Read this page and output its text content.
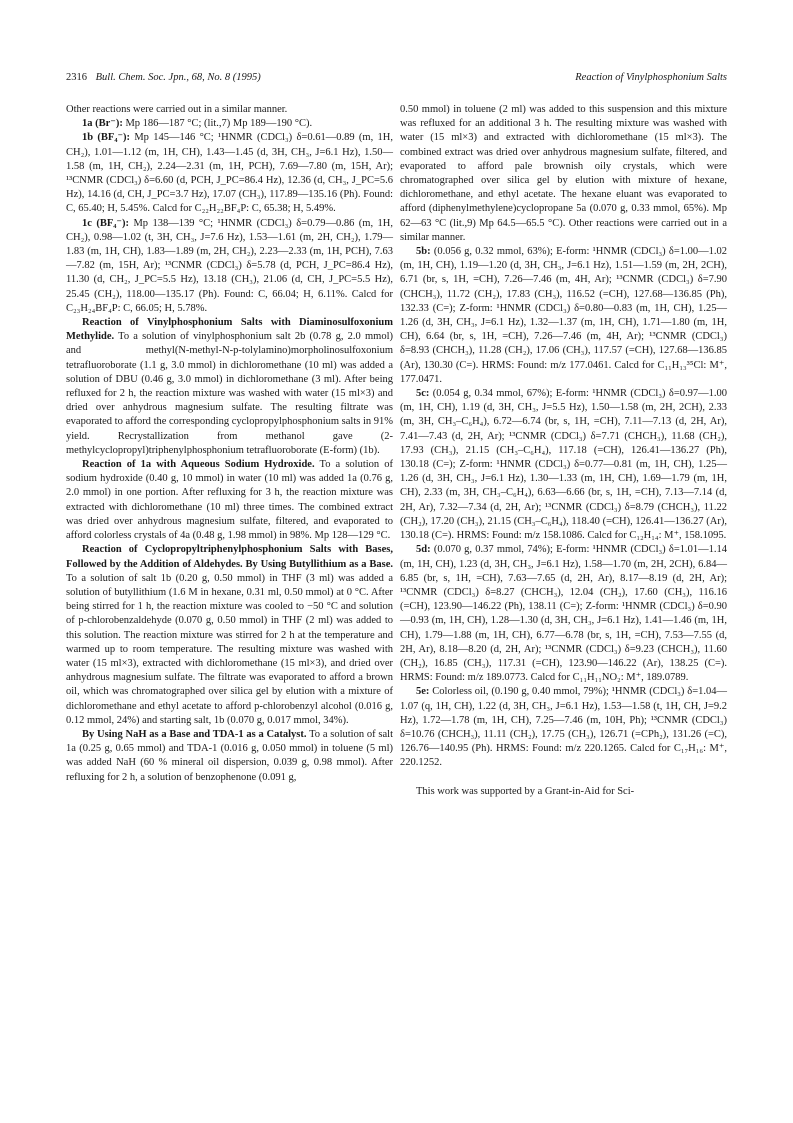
2316 Bull. Chem. Soc. Jpn., 68, No. 8 (1995)	Reaction of Vinylphosphonium Salts

Other reactions were carried out in a similar manner.

1a (Br⁻): Mp 186—187 °C; (lit.,7) Mp 189—190 °C).

1b (BF₄⁻): Mp 145—146 °C; ¹HNMR (CDCl₃) δ=0.61—0.89 (m, 1H, CH₂), 1.01—1.12 (m, 1H, CH), 1.43—1.45 (d, 3H, CH₃, J=6.1 Hz), 1.50—1.58 (m, 1H, CH₂), 2.24—2.31 (m, 1H, PCH), 7.69—7.80 (m, 15H, Ar); ¹³CNMR (CDCl₃) δ=6.60 (d, PCH, J_PC=86.4 Hz), 12.36 (d, CH₃, J_PC=5.6 Hz), 14.16 (d, CH, J_PC=3.7 Hz), 17.07 (CH₃), 117.89—135.16 (Ph). Found: C, 65.40; H, 5.45%. Calcd for C₂₂H₂₂BF₄P: C, 65.38; H, 5.49%.

1c (BF₄⁻): Mp 138—139 °C; ¹HNMR (CDCl₃) δ=0.79—0.86 (m, 1H, CH₂), 0.98—1.02 (t, 3H, CH₃, J=7.6 Hz), 1.53—1.61 (m, 2H, CH₂), 1.79—1.83 (m, 1H, CH), 1.83—1.89 (m, 2H, CH₂), 2.23—2.33 (m, 1H, PCH), 7.63—7.82 (m, 15H, Ar); ¹³CNMR (CDCl₃) δ=5.78 (d, PCH, J_PC=86.4 Hz), 11.30 (d, CH₂, J_PC=5.5 Hz), 13.18 (CH₃), 21.06 (d, CH, J_PC=5.5 Hz), 25.45 (CH₂), 118.00—135.17 (Ph). Found: C, 66.04; H, 6.11%. Calcd for C₂₃H₂₄BF₄P: C, 66.05; H, 5.78%.

Reaction of Vinylphosphonium Salts with Diaminosulfoxonium Methylide. To a solution of vinylphosphonium salt 2b (0.78 g, 2.0 mmol) and methyl(N-methyl-N-p-tolylamino)morpholinosulfoxonium tetrafluoroborate (1.1 g, 3.0 mmol) in dichloromethane (10 ml) was added a solution of DBU (0.46 g, 3.0 mmol) in dichloromethane (3 ml). After being refluxed for 2 h, the reaction mixture was washed with water (15 ml×3) and dried over anhydrous magnesium sulfate. The resulting filtrate was evaporated to afford the corresponding cyclopropylphosphonium salts in 91% yield. Recrystallization from methanol gave (2-methylcyclopropyl)triphenylphosphonium tetrafluoroborate (E-form) (1b).

Reaction of 1a with Aqueous Sodium Hydroxide. To a solution of sodium hydroxide (0.40 g, 10 mmol) in water (10 ml) was added 1a (0.76 g, 2.0 mmol) in one portion. After refluxing for 3 h, the reaction mixture was extracted with dichloromethane (10 ml) three times. The combined extract was dried over anhydrous magnesium sulfate, filtered, and evaporated to afford colorless crystals of 4a (0.48 g, 1.98 mmol) in 98%. Mp 128—129 °C.

Reaction of Cyclopropyltriphenylphosphonium Salts with Bases, Followed by the Addition of Aldehydes. By Using Butyllithium as a Base. To a solution of salt 1b (0.20 g, 0.50 mmol) in THF (3 ml) was added a solution of butyllithium (1.6 M in hexane, 0.31 ml, 0.50 mmol) at 0 °C. After being stirred for 1 h, the reaction mixture was cooled to −50 °C and solution of p-chlorobenzaldehyde (0.070 g, 0.50 mmol) in THF (2 ml) was added to this solution. The reaction mixture was stirred for 2 h at the temperature and warmed up to room temperature. The resulting mixture was washed with water (15 ml×3), extracted with dichloromethane (15 ml×3), and dried over anhydrous magnesium sulfate. The filtrate was evaporated to afford a brown oil, which was chromatographed over silica gel by elution with a mixture of dichloromethane and ethyl acetate to afford p-chlorobenzyl alcohol (0.016 g, 0.12 mmol, 24%) and starting salt, 1b (0.070 g, 0.017 mmol, 34%).

By Using NaH as a Base and TDA-1 as a Catalyst. To a solution of salt 1a (0.25 g, 0.65 mmol) and TDA-1 (0.016 g, 0.050 mmol) in toluene (5 ml) was added NaH (60 % mineral oil dispersion, 0.039 g, 0.98 mmol). After refluxing for 2 h, a solution of benzophenone (0.091 g,

0.50 mmol) in toluene (2 ml) was added to this suspension and this mixture was refluxed for an additional 3 h. The resulting mixture was washed with water (15 ml×3) and extracted with dichloromethane (15 ml×3). The combined extract was dried over anhydrous magnesium sulfate, filtered, and evaporated to afford pale brownish oily crystals, which were chromatographed over silica gel by elution with mixture of hexane, dichloromethane, and ethyl acetate. The hexane eluant was evaporated to afford (diphenylmethylene)cyclopropane 5a (0.070 g, 0.33 mmol, 65%). Mp 62—63 °C (lit.,9) Mp 64.5—65.5 °C). Other reactions were carried out in a similar manner.

5b: (0.056 g, 0.32 mmol, 63%); E-form: ¹HNMR (CDCl₃) δ=1.00—1.02 (m, 1H, CH), 1.19—1.20 (d, 3H, CH₃, J=6.1 Hz), 1.51—1.59 (m, 2H, 2CH), 6.71 (br, s, 1H, =CH), 7.26—7.46 (m, 4H, Ar); ¹³CNMR (CDCl₃) δ=7.90 (CHCH₃), 11.72 (CH₂), 17.83 (CH₃), 116.52 (=CH), 127.68—136.85 (Ph), 132.33 (C=); Z-form: ¹HNMR (CDCl₃) δ=0.80—0.83 (m, 1H, CH), 1.25—1.26 (d, 3H, CH₃, J=6.1 Hz), 1.32—1.37 (m, 1H, CH), 1.71—1.80 (m, 1H, CH), 6.64 (br, s, 1H, =CH), 7.26—7.46 (m, 4H, Ar); ¹³CNMR (CDCl₃) δ=8.93 (CHCH₃), 11.28 (CH₂), 17.06 (CH₃), 117.57 (=CH), 127.68—136.85 (Ar), 130.30 (C=). HRMS: Found: m/z 177.0461. Calcd for C₁₁H₁₃³⁵Cl: M⁺, 177.0471.

5c: (0.054 g, 0.34 mmol, 67%); E-form: ¹HNMR (CDCl₃) δ=0.97—1.00 (m, 1H, CH), 1.19 (d, 3H, CH₃, J=5.5 Hz), 1.50—1.58 (m, 2H, 2CH), 2.33 (m, 3H, CH₃–C₆H₄), 6.72—6.74 (br, s, 1H, =CH), 7.11—7.13 (d, 2H, Ar), 7.41—7.43 (d, 2H, Ar); ¹³CNMR (CDCl₃) δ=7.71 (CHCH₃), 11.68 (CH₂), 17.93 (CH₃), 21.15 (CH₃–C₆H₄), 117.18 (=CH), 126.41—136.27 (Ph), 130.18 (C=); Z-form: ¹HNMR (CDCl₃) δ=0.77—0.81 (m, 1H, CH), 1.25—1.26 (d, 3H, CH₃, J=6.1 Hz), 1.30—1.33 (m, 1H, CH), 1.69—1.79 (m, 1H, CH), 2.33 (m, 3H, CH₃–C₆H₄), 6.63—6.66 (br, s, 1H, =CH), 7.13—7.14 (d, 2H, Ar), 7.32—7.34 (d, 2H, Ar); ¹³CNMR (CDCl₃) δ=8.79 (CHCH₃), 11.22 (CH₂), 17.20 (CH₃), 21.15 (CH₃–C₆H₄), 118.40 (=CH), 126.41—136.27 (Ar), 130.18 (C=). HRMS: Found: m/z 158.1086. Calcd for C₁₂H₁₄: M⁺, 158.1095.

5d: (0.070 g, 0.37 mmol, 74%); E-form: ¹HNMR (CDCl₃) δ=1.01—1.14 (m, 1H, CH), 1.23 (d, 3H, CH₃, J=6.1 Hz), 1.58—1.70 (m, 2H, 2CH), 6.84—6.85 (br, s, 1H, =CH), 7.63—7.65 (d, 2H, Ar), 8.17—8.19 (d, 2H, Ar); ¹³CNMR (CDCl₃) δ=8.27 (CHCH₃), 12.04 (CH₂), 17.60 (CH₃), 116.16 (=CH), 123.90—146.22 (Ph), 138.11 (C=); Z-form: ¹HNMR (CDCl₃) δ=0.90—0.93 (m, 1H, CH), 1.28—1.30 (d, 3H, CH₃, J=6.1 Hz), 1.41—1.46 (m, 1H, CH), 1.79—1.88 (m, 1H, CH), 6.77—6.78 (br, s, 1H, =CH), 7.53—7.55 (d, 2H, Ar), 8.18—8.20 (d, 2H, Ar); ¹³CNMR (CDCl₃) δ=9.23 (CHCH₃), 11.60 (CH₂), 16.85 (CH₃), 117.31 (=CH), 123.90—146.22 (Ar), 138.25 (C=). HRMS: Found: m/z 189.0773. Calcd for C₁₁H₁₁NO₂: M⁺, 189.0789.

5e: Colorless oil, (0.190 g, 0.40 mmol, 79%); ¹HNMR (CDCl₃) δ=1.04—1.07 (q, 1H, CH), 1.22 (d, 3H, CH₃, J=6.1 Hz), 1.53—1.58 (t, 1H, CH, J=9.2 Hz), 1.72—1.78 (m, 1H, CH), 7.25—7.46 (m, 10H, Ph); ¹³CNMR (CDCl₃) δ=10.76 (CHCH₃), 11.11 (CH₂), 17.75 (CH₃), 126.71 (=CPh₂), 131.26 (=C), 126.76—140.95 (Ph). HRMS: Found: m/z 220.1265. Calcd for C₁₇H₁₆: M⁺, 220.1252.

This work was supported by a Grant-in-Aid for Sci-
